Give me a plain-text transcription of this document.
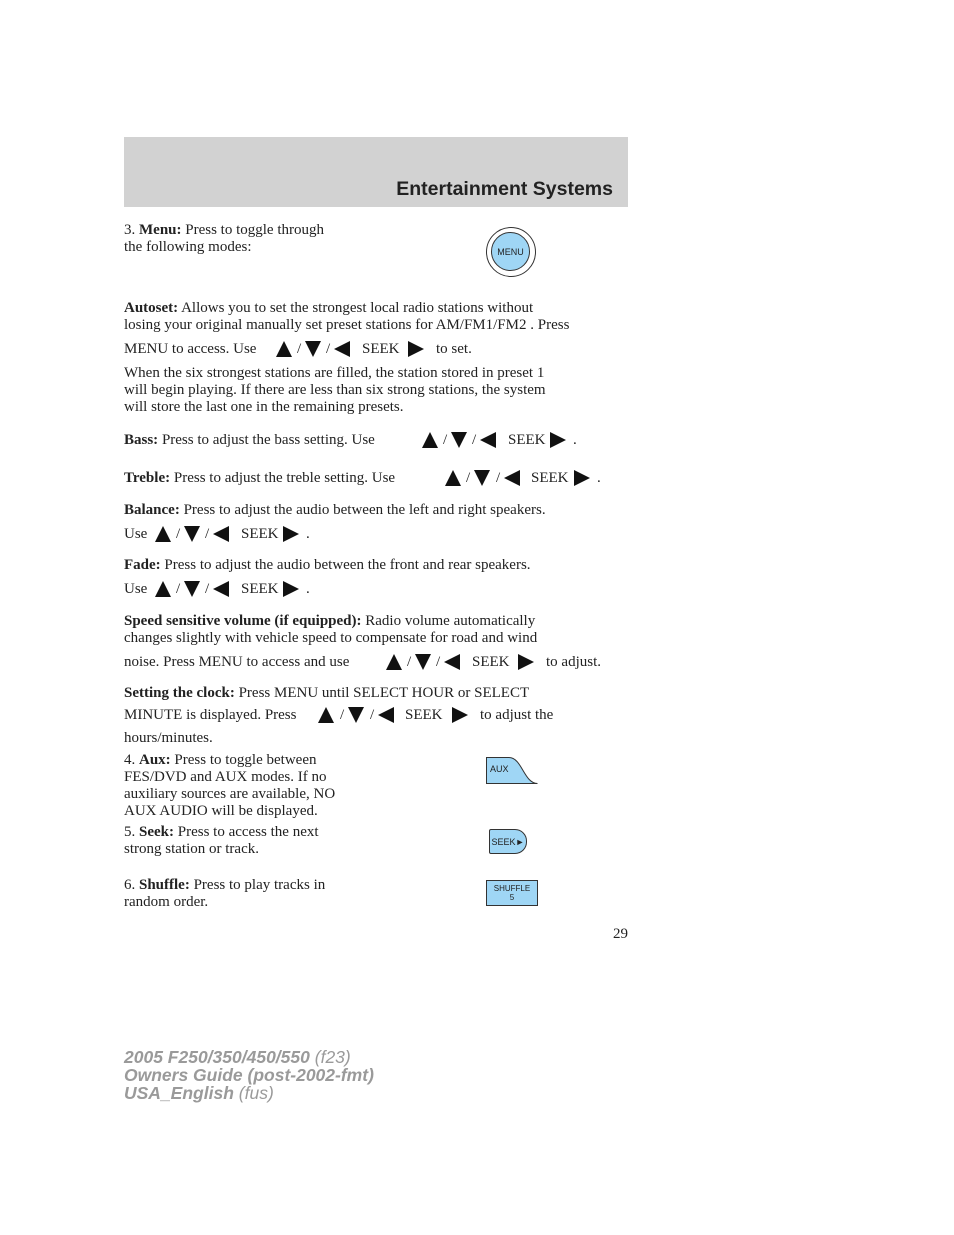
Entertainment Systems
3. Menu: Press to toggle through
the following modes:	MENU
Autoset: Allows you to set the strongest local radio stations without
losing your original manually set preset stations for AM/FM1/FM2 . Press
MENU to access. Use	/ / SEEK to set.
When the six strongest stations are filled, the station stored in preset 1
will begin playing. If there are less than six strong stations, the system
will store the last one in the remaining presets.
Bass: Press to adjust the bass setting. Use	/ / SEEK .
Treble: Press to adjust the treble setting. Use	/ / SEEK .
Balance: Press to adjust the audio between the left and right speakers.
Use / / SEEK .
Fade: Press to adjust the audio between the front and rear speakers.
Use / / SEEK .
Speed sensitive volume (if equipped): Radio volume automatically
changes slightly with vehicle speed to compensate for road and wind
noise. Press MENU to access and use	/ / SEEK to adjust.
Setting the clock: Press MENU until SELECT HOUR or SELECT
MINUTE is displayed. Press	/ / SEEK	to adjust the
hours/minutes.
4. Aux: Press to toggle between
FES/DVD and AUX modes. If no
auxiliary sources are available, NO
AUX AUDIO will be displayed.
AUX
5. Seek: Press to access the next
strong station or track.	SEEK►
6. Shuffle: Press to play tracks in
random order.
SHUFFLE
5
29
2005 F250/350/450/550 (f23)
Owners Guide (post-2002-fmt)
USA_English (fus)
